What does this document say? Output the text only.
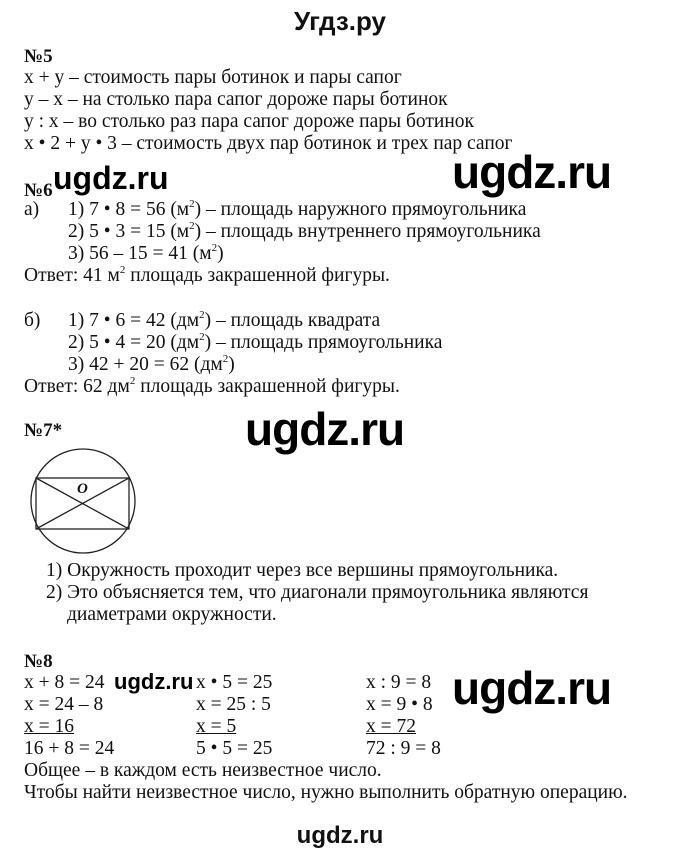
Угдз.ру
№5
x + y – стоимость пары ботинок и пары сапог
y – x – на столько пара сапог дороже пары ботинок
y : x – во столько раз пара сапог дороже пары ботинок
x • 2 + y • 3 – стоимость двух пар ботинок и трех пар сапог
ugdz.ru
№6 ugdz.ru
а) 1) 7 • 8 = 56 $(м^2)$ – площадь наружного прямоугольника
2) 5 • 3 = 15 $(м^2)$ – площадь внутреннего прямоугольника
3) 56 – 15 = 41 $(м^2)$
Ответ: 41 $м^2$ площадь закрашенной фигуры.
б) 1) 7 • 6 = 42 $(дм^2)$ – площадь квадрата
2) 5 • 4 = 20 $(дм^2)$ – площадь прямоугольника
3) 42 + 20 = 62 $(дм^2)$
Ответ: 62 $дм^2$ площадь закрашенной фигуры.
№7*	ugdz.ru
O
1) Окружность проходит через все вершины прямоугольника.
2) Это объясняется тем, что диагонали прямоугольника являются
диаметрами окружности.
№8
ugdz.ru	ugdz.ru
x + 8 = 24
x = 24 – 8
x = 16
16 + 8 = 24
x • 5 = 25
x = 25 : 5
x = 5
5 • 5 = 25
x : 9 = 8
x = 9 • 8
x = 72
72 : 9 = 8
Общее – в каждом есть неизвестное число.
Чтобы найти неизвестное число, нужно выполнить обратную операцию.
ugdz.ru
